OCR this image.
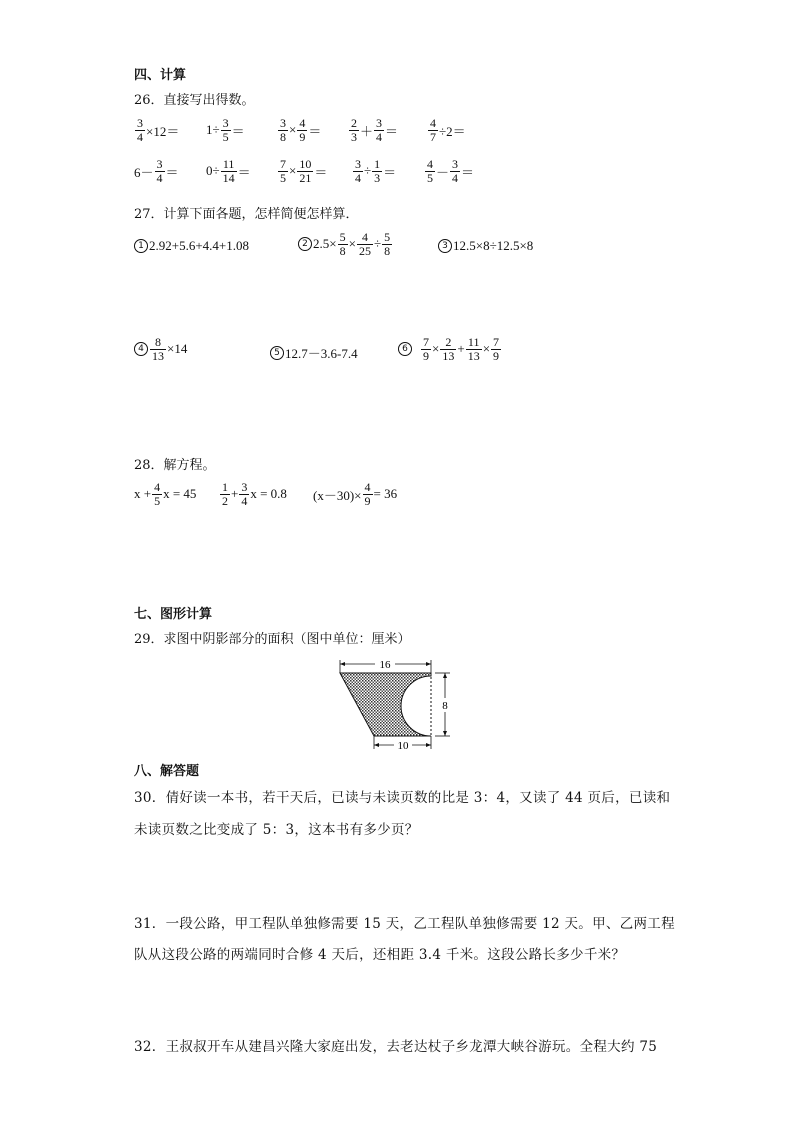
四、计算
26．直接写出得数。
$\frac{3}{4} \times 12= 1\div \frac{3}{5}$ ＝	$\frac{3}{8} \times \frac{4}{9} = \frac{2}{3} + \frac{3}{4} = \frac{4}{7} \div 2=$
$6- \frac{3}{4} = 0\div \frac{11}{14} = \frac{7}{5} \times \frac{10}{21} = \frac{3}{4} \div \frac{1}{3} = \frac{4}{5} - \frac{3}{4}$ ＝
27．计算下面各题，怎样简便怎样算．
1 2.92+5.6+4.4+1.08	2 $2.5\times \frac{5}{8} \times \frac{4}{25} \div \frac{5}{8}$	3 12.5×8÷12.5×8
$4 \frac{8}{13} \times 14$	5 12.7－3.6-7.4	6	$\frac{7}{9} \times \frac{2}{13} + \frac{11}{13} \times \frac{7}{9}$
28．解方程。
$x + \frac{4}{5}$ $x = 45 \frac{1}{2} + \frac{3}{4}$ x = 0.8 $(x-30)\times \frac{4}{9} = 36$
七、图形计算
29．求图中阴影部分的面积（图中单位：厘米）
16
10
8
八、解答题
30．倩好读一本书，若干天后，已读与未读页数的比是 3：4，又读了 44 页后，已读和
未读页数之比变成了 5：3，这本书有多少页？
31．一段公路，甲工程队单独修需要 15 天，乙工程队单独修需要 12 天。甲、乙两工程
队从这段公路的两端同时合修 4 天后，还相距 3.4 千米。这段公路长多少千米？
32．王叔叔开车从建昌兴隆大家庭出发，去老达杖子乡龙潭大峡谷游玩。全程大约 75
